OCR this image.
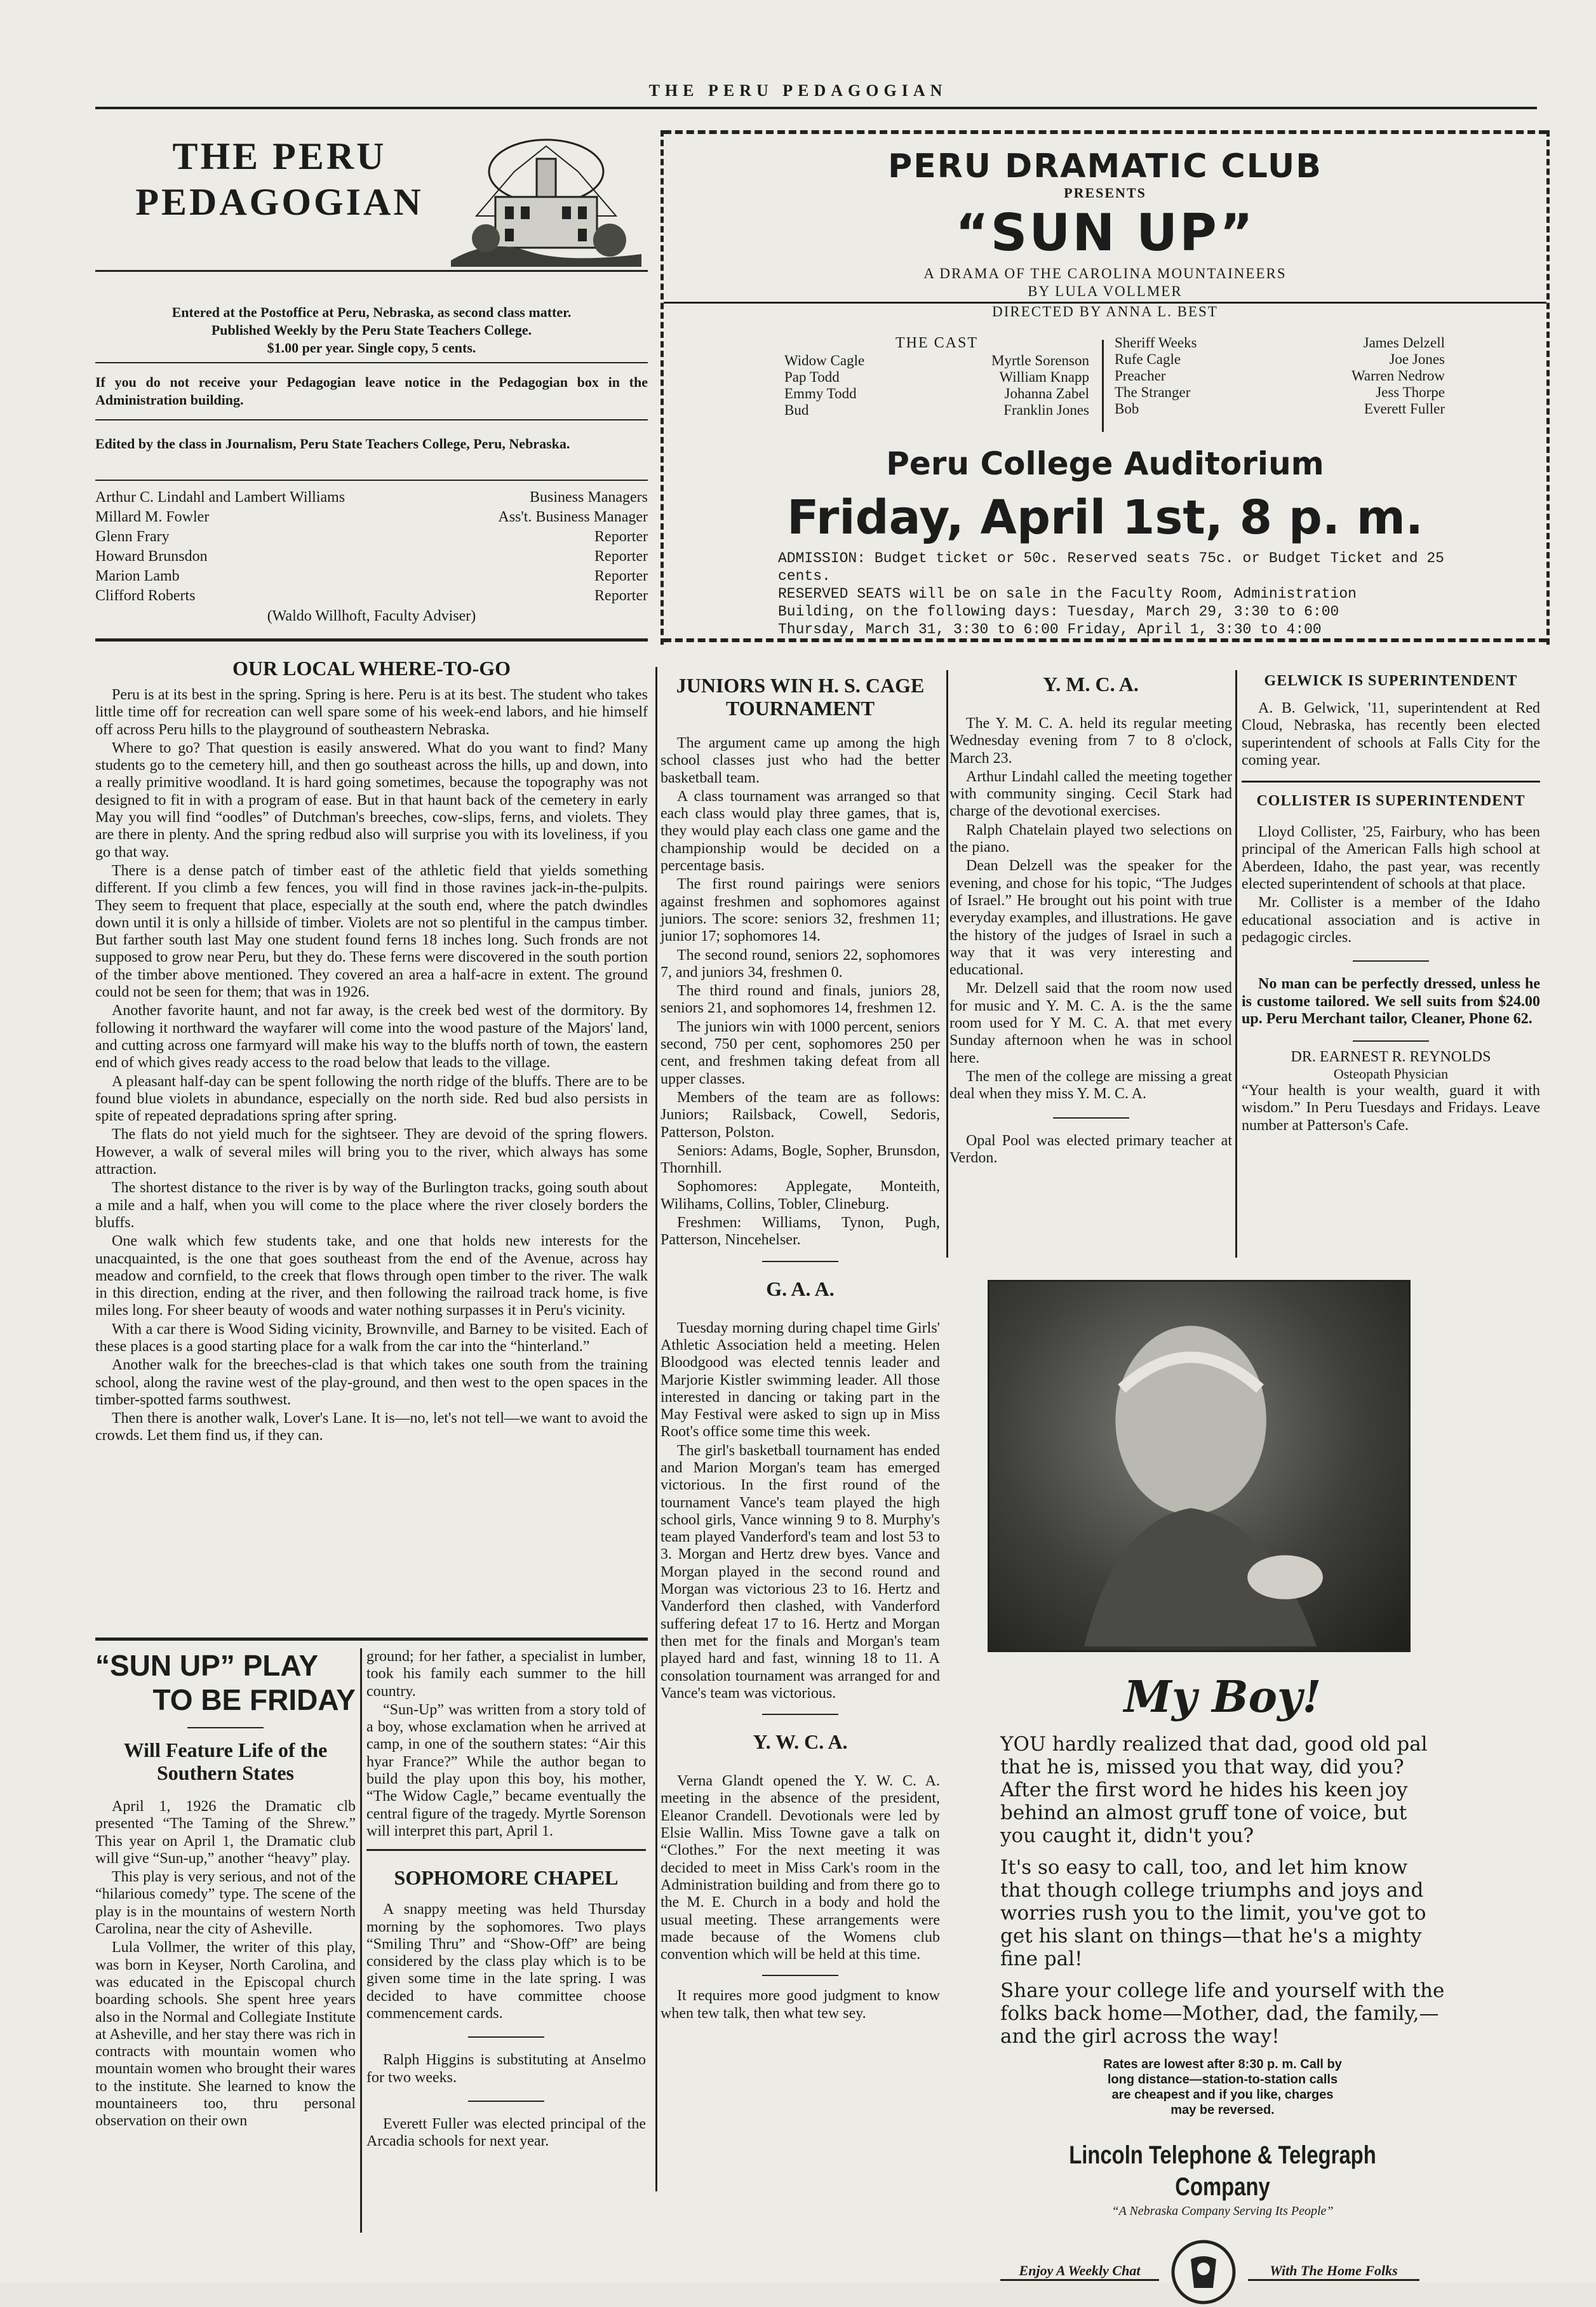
THE PERU PEDAGOGIAN
THE PERU
PEDAGOGIAN
Entered at the Postoffice at Peru, Nebraska, as second class matter.
Published Weekly by the Peru State Teachers College.
$1.00 per year. Single copy, 5 cents.
If you do not receive your Pedagogian leave notice in the Pedagogian box in the Administration building.
Edited by the class in Journalism, Peru State Teachers College, Peru, Nebraska.
Arthur C. Lindahl and Lambert Williams	Business Managers
Millard M. Fowler	Ass't. Business Manager
Glenn Frary	Reporter
Howard Brunsdon	Reporter
Marion Lamb	Reporter
Clifford Roberts	Reporter
(Waldo Willhoft, Faculty Adviser)
PERU DRAMATIC CLUB
PRESENTS
“SUN UP”
A DRAMA OF THE CAROLINA MOUNTAINEERS
BY LULA VOLLMER
DIRECTED BY ANNA L. BEST
THE CAST
Widow Cagle	Myrtle Sorenson
Pap Todd	William Knapp
Emmy Todd	Johanna Zabel
Bud	Franklin Jones
Sheriff Weeks	James Delzell
Rufe Cagle	Joe Jones
Preacher	Warren Nedrow
The Stranger	Jess Thorpe
Bob	Everett Fuller
Peru College Auditorium
Friday, April 1st, 8 p. m.
ADMISSION: Budget ticket or 50c. Reserved seats 75c. or Budget Ticket and 25 cents.
RESERVED SEATS will be on sale in the Faculty Room, Administration
Building, on the following days: Tuesday, March 29, 3:30 to 6:00
Thursday, March 31, 3:30 to 6:00 Friday, April 1, 3:30 to 4:00
OUR LOCAL WHERE-TO-GO

Peru is at its best in the spring. Spring is here. Peru is at its best. The student who takes little time off for recreation can well spare some of his week-end labors, and hie himself off across Peru hills to the playground of southeastern Nebraska.

Where to go? That question is easily answered. What do you want to find? Many students go to the cemetery hill, and then go southeast across the hills, up and down, into a really primitive woodland. It is hard going sometimes, because the topography was not designed to fit in with a program of ease. But in that haunt back of the cemetery in early May you will find “oodles” of Dutchman's breeches, cow-slips, ferns, and violets. They are there in plenty. And the spring redbud also will surprise you with its loveliness, if you go that way.

There is a dense patch of timber east of the athletic field that yields something different. If you climb a few fences, you will find in those ravines jack-in-the-pulpits. They seem to frequent that place, especially at the south end, where the patch dwindles down until it is only a hillside of timber. Violets are not so plentiful in the campus timber. But farther south last May one student found ferns 18 inches long. Such fronds are not supposed to grow near Peru, but they do. These ferns were discovered in the south portion of the timber above mentioned. They covered an area a half-acre in extent. The ground could not be seen for them; that was in 1926.

Another favorite haunt, and not far away, is the creek bed west of the dormitory. By following it northward the wayfarer will come into the wood pasture of the Majors' land, and cutting across one farmyard will make his way to the bluffs north of town, the eastern end of which gives ready access to the road below that leads to the village.

A pleasant half-day can be spent following the north ridge of the bluffs. There are to be found blue violets in abundance, especially on the north side. Red bud also persists in spite of repeated depradations spring after spring.

The flats do not yield much for the sightseer. They are devoid of the spring flowers. However, a walk of several miles will bring you to the river, which always has some attraction.

The shortest distance to the river is by way of the Burlington tracks, going south about a mile and a half, when you will come to the place where the river closely borders the bluffs.

One walk which few students take, and one that holds new interests for the unacquainted, is the one that goes southeast from the end of the Avenue, across hay meadow and cornfield, to the creek that flows through open timber to the river. The walk in this direction, ending at the river, and then following the railroad track home, is five miles long. For sheer beauty of woods and water nothing surpasses it in Peru's vicinity.

With a car there is Wood Siding vicinity, Brownville, and Barney to be visited. Each of these places is a good starting place for a walk from the car into the “hinterland.”

Another walk for the breeches-clad is that which takes one south from the training school, along the ravine west of the play-ground, and then west to the open spaces in the timber-spotted farms southwest.

Then there is another walk, Lover's Lane. It is—no, let's not tell—we want to avoid the crowds. Let them find us, if they can.

“SUN UP” PLAY
TO BE FRIDAY
Will Feature Life of the Southern States

April 1, 1926 the Dramatic clb presented “The Taming of the Shrew.” This year on April 1, the Dramatic club will give “Sun-up,” another “heavy” play.

This play is very serious, and not of the “hilarious comedy” type. The scene of the play is in the mountains of western North Carolina, near the city of Asheville.

Lula Vollmer, the writer of this play, was born in Keyser, North Carolina, and was educated in the Episcopal church boarding schools. She spent hree years also in the Normal and Collegiate Institute at Asheville, and her stay there was rich in contracts with mountain women who mountain women who brought their wares to the institute. She learned to know the mountaineers too, thru personal observation on their own

ground; for her father, a specialist in lumber, took his family each summer to the hill country.

“Sun-Up” was written from a story told of a boy, whose exclamation when he arrived at camp, in one of the southern states: “Air this hyar France?” While the author began to build the play upon this boy, his mother, “The Widow Cagle,” became eventually the central figure of the tragedy. Myrtle Sorenson will interpret this part, April 1.

SOPHOMORE CHAPEL

A snappy meeting was held Thursday morning by the sophomores. Two plays “Smiling Thru” and “Show-Off” are being considered by the class play which is to be given some time in the late spring. I was decided to have committee choose commencement cards.

Ralph Higgins is substituting at Anselmo for two weeks.

Everett Fuller was elected principal of the Arcadia schools for next year.

JUNIORS WIN H. S. CAGE TOURNAMENT

The argument came up among the high school classes just who had the better basketball team.

A class tournament was arranged so that each class would play three games, that is, they would play each class one game and the championship would be decided on a percentage basis.

The first round pairings were seniors against freshmen and sophomores against juniors. The score: seniors 32, freshmen 11; junior 17; sophomores 14.

The second round, seniors 22, sophomores 7, and juniors 34, freshmen 0.

The third round and finals, juniors 28, seniors 21, and sophomores 14, freshmen 12.

The juniors win with 1000 percent, seniors second, 750 per cent, sophomores 250 per cent, and freshmen taking defeat from all upper classes.

Members of the team are as follows: Juniors; Railsback, Cowell, Sedoris, Patterson, Polston.

Seniors: Adams, Bogle, Sopher, Brunsdon, Thornhill.

Sophomores: Applegate, Monteith, Wilihams, Collins, Tobler, Clineburg.

Freshmen: Williams, Tynon, Pugh, Patterson, Nincehelser.

G. A. A.

Tuesday morning during chapel time Girls' Athletic Association held a meeting. Helen Bloodgood was elected tennis leader and Marjorie Kistler swimming leader. All those interested in dancing or taking part in the May Festival were asked to sign up in Miss Root's office some time this week.

The girl's basketball tournament has ended and Marion Morgan's team has emerged victorious. In the first round of the tournament Vance's team played the high school girls, Vance winning 9 to 8. Murphy's team played Vanderford's team and lost 53 to 3. Morgan and Hertz drew byes. Vance and Morgan played in the second round and Morgan was victorious 23 to 16. Hertz and Vanderford then clashed, with Vanderford suffering defeat 17 to 16. Hertz and Morgan then met for the finals and Morgan's team played hard and fast, winning 18 to 11. A consolation tournament was arranged for and Vance's team was victorious.

Y. W. C. A.

Verna Glandt opened the Y. W. C. A. meeting in the absence of the president, Eleanor Crandell. Devotionals were led by Elsie Wallin. Miss Towne gave a talk on “Clothes.” For the next meeting it was decided to meet in Miss Cark's room in the Administration building and from there go to the M. E. Church in a body and hold the usual meeting. These arrangements were made because of the Womens club convention which will be held at this time.

It requires more good judgment to know when tew talk, then what tew sey.

Y. M. C. A.

The Y. M. C. A. held its regular meeting Wednesday evening from 7 to 8 o'clock, March 23.

Arthur Lindahl called the meeting together with community singing. Cecil Stark had charge of the devotional exercises.

Ralph Chatelain played two selections on the piano.

Dean Delzell was the speaker for the evening, and chose for his topic, “The Judges of Israel.” He brought out his point with true everyday examples, and illustrations. He gave the history of the judges of Israel in such a way that it was very interesting and educational.

Mr. Delzell said that the room now used for music and Y. M. C. A. is the the same room used for Y M. C. A. that met every Sunday afternoon when he was in school here.

The men of the college are missing a great deal when they miss Y. M. C. A.

Opal Pool was elected primary teacher at Verdon.

GELWICK IS SUPERINTENDENT

A. B. Gelwick, '11, superintendent at Red Cloud, Nebraska, has recently been elected superintendent of schools at Falls City for the coming year.

COLLISTER IS SUPERINTENDENT

Lloyd Collister, '25, Fairbury, who has been principal of the American Falls high school at Aberdeen, Idaho, the past year, was recently elected superintendent of schools at that place.

Mr. Collister is a member of the Idaho educational association and is active in pedagogic circles.

No man can be perfectly dressed, unless he is custome tailored. We sell suits from $24.00 up. Peru Merchant tailor, Cleaner, Phone 62.

DR. EARNEST R. REYNOLDS
Osteopath Physician

“Your health is your wealth, guard it with wisdom.” In Peru Tuesdays and Fridays. Leave number at Patterson's Cafe.

My Boy!

YOU hardly realized that dad, good old pal that he is, missed you that way, did you? After the first word he hides his keen joy behind an almost gruff tone of voice, but you caught it, didn't you?

It's so easy to call, too, and let him know that though college triumphs and joys and worries rush you to the limit, you've got to get his slant on things—that he's a mighty fine pal!

Share your college life and yourself with the folks back home—Mother, dad, the family,—and the girl across the way!

Rates are lowest after 8:30 p. m. Call by long distance—station-to-station calls are cheapest and if you like, charges may be reversed.
Lincoln Telephone & Telegraph Company
“A Nebraska Company Serving Its People”
Enjoy A Weekly Chat	With The Home Folks
